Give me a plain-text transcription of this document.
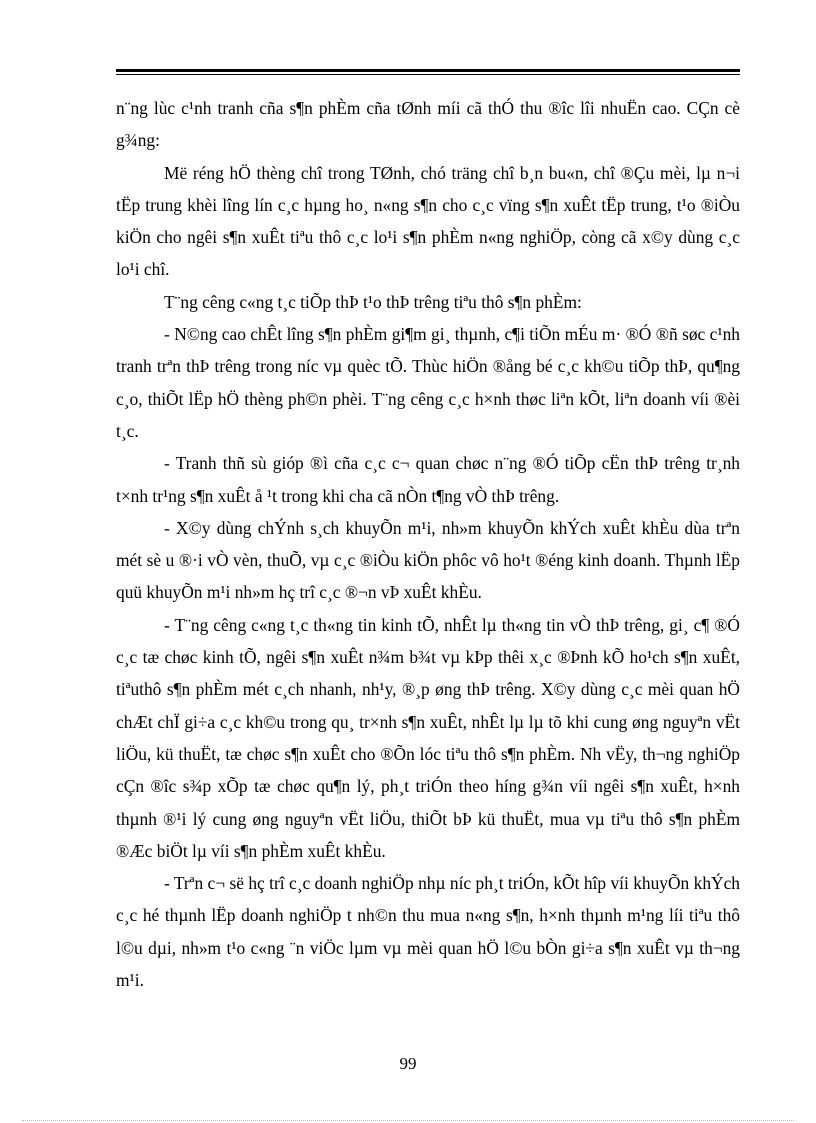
n¨ng lùc c¹nh tranh cña s¶n phÈm cña tØnh míi cã thÓ thu ®îc lîi nhuËn cao. CÇn cè g¾ng:

Më réng hÖ thèng chî trong TØnh, chó träng chî b¸n bu«n, chî ®Çu mèi, lµ n¬i tËp trung khèi lîng lín c¸c hµng ho¸ n«ng s¶n cho c¸c vïng s¶n xuÊt tËp trung, t¹o ®iÒu kiÖn cho ngêi s¶n xuÊt tiªu thô c¸c lo¹i s¶n phÈm n«ng nghiÖp, còng cã x©y dùng c¸c lo¹i chî.

T¨ng cêng c«ng t¸c tiÕp thÞ t¹o thÞ trêng tiªu thô s¶n phÈm:

- N©ng cao chÊt lîng s¶n phÈm gi¶m gi¸ thµnh, c¶i tiÕn mÉu m· ®Ó ®ñ søc c¹nh tranh trªn thÞ trêng trong níc vµ quèc tÕ. Thùc hiÖn ®ång bé c¸c kh©u tiÕp thÞ, qu¶ng c¸o, thiÕt lËp hÖ thèng ph©n phèi. T¨ng cêng c¸c h×nh thøc liªn kÕt, liªn doanh víi ®èi t¸c.

- Tranh thñ sù gióp ®ì cña c¸c c¬ quan chøc n¨ng ®Ó tiÕp cËn thÞ trêng tr¸nh t×nh tr¹ng s¶n xuÊt å ¹t trong khi cha cã nÒn t¶ng vÒ thÞ trêng.

- X©y dùng chÝnh s¸ch khuyÕn m¹i, nh»m khuyÕn khÝch xuÊt khÈu dùa trªn mét sè u ®·i vÒ vèn, thuÕ, vµ c¸c ®iÒu kiÖn phôc vô ho¹t ®éng kinh doanh. Thµnh lËp quü khuyÕn m¹i nh»m hç trî c¸c ®¬n vÞ xuÊt khÈu.

- T¨ng cêng c«ng t¸c th«ng tin kinh tÕ, nhÊt lµ th«ng tin vÒ thÞ trêng, gi¸ c¶ ®Ó c¸c tæ chøc kinh tÕ, ngêi s¶n xuÊt n¾m b¾t vµ kÞp thêi x¸c ®Þnh kÕ ho¹ch s¶n xuÊt, tiªuthô s¶n phÈm mét c¸ch nhanh, nh¹y, ®¸p øng thÞ trêng. X©y dùng c¸c mèi quan hÖ chÆt chÏ gi÷a c¸c kh©u trong qu¸ tr×nh s¶n xuÊt, nhÊt lµ lµ tõ khi cung øng nguyªn vËt liÖu, kü thuËt, tæ chøc s¶n xuÊt cho ®Õn lóc tiªu thô s¶n phÈm. Nh vËy, th¬ng nghiÖp cÇn ®îc s¾p xÕp tæ chøc qu¶n lý, ph¸t triÓn theo híng g¾n víi ngêi s¶n xuÊt, h×nh thµnh ®¹i lý cung øng nguyªn vËt liÖu, thiÕt bÞ kü thuËt, mua vµ tiªu thô s¶n phÈm ®Æc biÖt lµ víi s¶n phÈm xuÊt khÈu.

- Trªn c¬ së hç trî c¸c doanh nghiÖp nhµ níc ph¸t triÓn, kÕt hîp víi khuyÕn khÝch c¸c hé thµnh lËp doanh nghiÖp t nh©n thu mua n«ng s¶n, h×nh thµnh m¹ng líi tiªu thô l©u dµi, nh»m t¹o c«ng ¨n viÖc lµm vµ mèi quan hÖ l©u bÒn gi÷a s¶n xuÊt vµ th¬ng m¹i.

99
